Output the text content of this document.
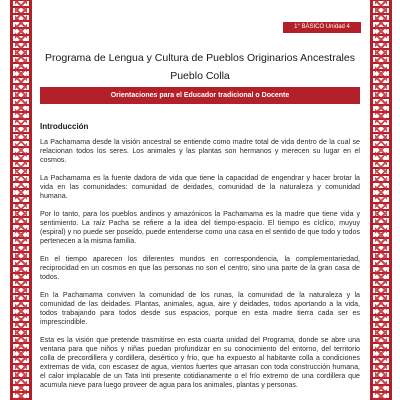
1° BÁSICO Unidad 4
Programa de Lengua y Cultura de Pueblos Originarios Ancestrales
Pueblo Colla
Orientaciones para el Educador tradicional o Docente
Introducción

La Pachamama desde la visión ancestral se entiende como madre total de vida dentro de la cual se relacionan todos los seres. Los animales y las plantas son hermanos y merecen su lugar en el cosmos.

La Pachamama es la fuente dadora de vida que tiene la capacidad de engendrar y hacer brotar la vida en las comunidades: comunidad de deidades, comunidad de la naturaleza y comunidad humana.

Por lo tanto, para los pueblos andinos y amazónicos la Pachamama es la madre que tiene vida y sentimiento. La raíz Pacha se refiere a la idea del tiempo-espacio. El tiempo es cíclico, muyuy (espiral) y no puede ser poseído, puede entenderse como una casa en el sentido de que todo y todos pertenecen a la misma familia.

En el tiempo aparecen los diferentes mundos en correspondencia, la complementariedad, reciprocidad en un cosmos en que las personas no son el centro, sino una parte de la gran casa de todos.

En la Pachamama conviven la comunidad de los runas, la comunidad de la naturaleza y la comunidad de las deidades. Plantas, animales, agua, aire y deidades, todos aportando a la vida, todos trabajando para todos desde sus espacios, porque en esta madre tierra cada ser es imprescindible.

Esta es la visión que pretende trasmitirse en esta cuarta unidad del Programa, donde se abre una ventana para que niños y niñas puedan profundizar en su conocimiento del entorno, del territorio colla de precordillera y cordillera, desértico y frío, que ha expuesto al habitante colla a condiciones extremas de vida, con escasez de agua, vientos fuertes que arrasan con toda construcción humana, el calor implacable de un Tata Inti presente cotidianamente o el frío extremo de una cordillera que acumula nieve para luego proveer de agua para los animales, plantas y personas.
